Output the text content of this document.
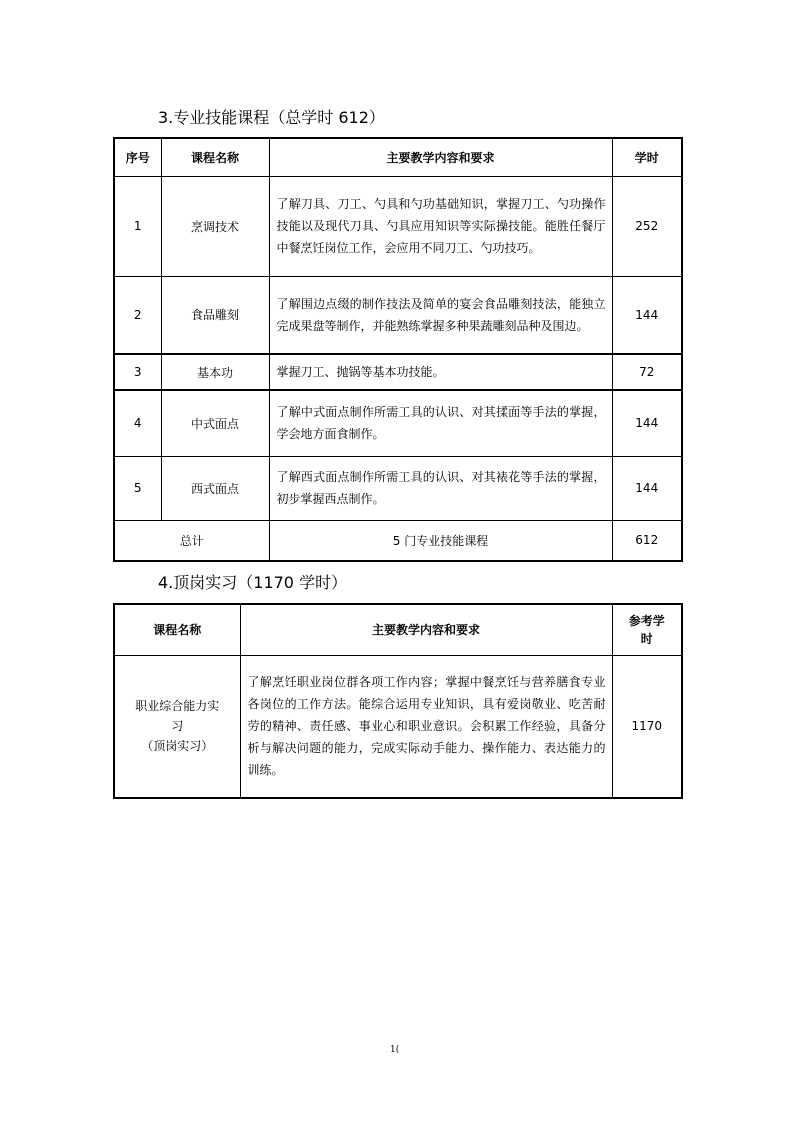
3.专业技能课程（总学时 612）
序号	课程名称	主要教学内容和要求	学时
1	烹调技术	了解刀具、刀工、勺具和勺功基础知识，掌握刀工、勺功操作技能以及现代刀具、勺具应用知识等实际操技能。能胜任餐厅中餐烹饪岗位工作，会应用不同刀工、勺功技巧。	252
2	食品雕刻	了解围边点缀的制作技法及简单的宴会食品雕刻技法，能独立完成果盘等制作，并能熟练掌握多种果蔬雕刻品种及围边。	144
3	基本功	掌握刀工、抛锅等基本功技能。	72
4	中式面点	了解中式面点制作所需工具的认识、对其揉面等手法的掌握，学会地方面食制作。	144
5	西式面点	了解西式面点制作所需工具的认识、对其裱花等手法的掌握，初步掌握西点制作。	144
总计		5 门专业技能课程	612
4.顶岗实习（1170 学时）
课程名称	主要教学内容和要求	参考学
时

职业综合能力实
习
（顶岗实习）	了解烹饪职业岗位群各项工作内容；掌握中餐烹饪与营养膳食专业各岗位的工作方法。能综合运用专业知识，具有爱岗敬业、吃苦耐劳的精神、责任感、事业心和职业意识。会积累工作经验，具备分析与解决问题的能力，完成实际动手能力、操作能力、表达能力的训练。	1170
1(
